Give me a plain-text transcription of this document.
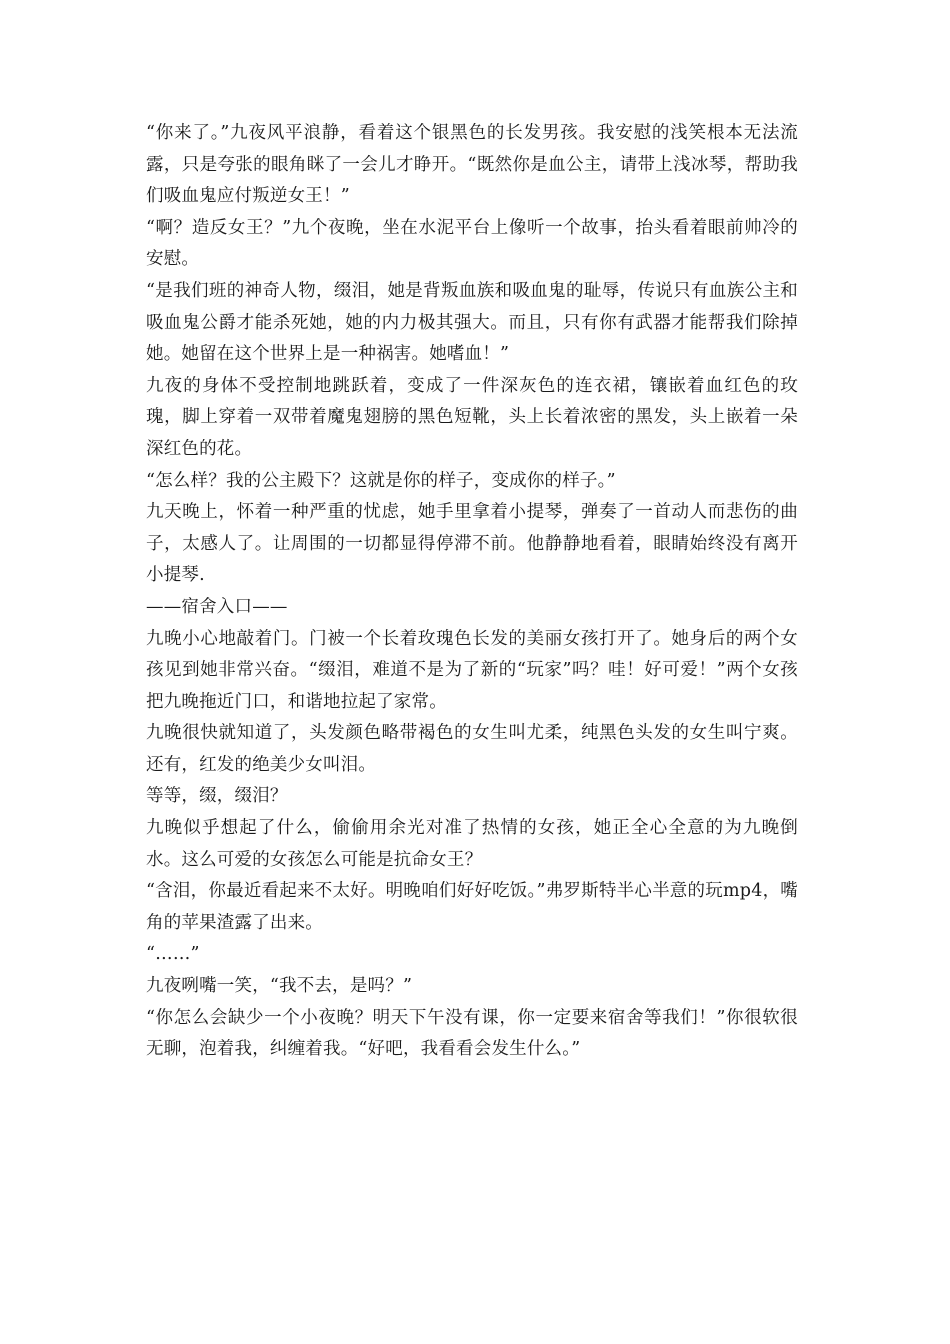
“你来了。”九夜风平浪静，看着这个银黑色的长发男孩。我安慰的浅笑根本无法流露，只是夸张的眼角眯了一会儿才睁开。“既然你是血公主，请带上浅冰琴，帮助我们吸血鬼应付叛逆女王！”

“啊？造反女王？”九个夜晚，坐在水泥平台上像听一个故事，抬头看着眼前帅冷的安慰。

“是我们班的神奇人物，缀泪，她是背叛血族和吸血鬼的耻辱，传说只有血族公主和吸血鬼公爵才能杀死她，她的内力极其强大。而且，只有你有武器才能帮我们除掉她。她留在这个世界上是一种祸害。她嗜血！”

九夜的身体不受控制地跳跃着，变成了一件深灰色的连衣裙，镶嵌着血红色的玫瑰，脚上穿着一双带着魔鬼翅膀的黑色短靴，头上长着浓密的黑发，头上嵌着一朵深红色的花。

“怎么样？我的公主殿下？这就是你的样子，变成你的样子。”

九天晚上，怀着一种严重的忧虑，她手里拿着小提琴，弹奏了一首动人而悲伤的曲子，太感人了。让周围的一切都显得停滞不前。他静静地看着，眼睛始终没有离开小提琴.

——宿舍入口——

九晚小心地敲着门。门被一个长着玫瑰色长发的美丽女孩打开了。她身后的两个女孩见到她非常兴奋。“缀泪，难道不是为了新的“玩家”吗？哇！好可爱！”两个女孩把九晚拖近门口，和谐地拉起了家常。

九晚很快就知道了，头发颜色略带褐色的女生叫尤柔，纯黑色头发的女生叫宁爽。还有，红发的绝美少女叫泪。

等等，缀，缀泪？

九晚似乎想起了什么，偷偷用余光对准了热情的女孩，她正全心全意的为九晚倒水。这么可爱的女孩怎么可能是抗命女王？

“含泪，你最近看起来不太好。明晚咱们好好吃饭。”弗罗斯特半心半意的玩mp4，嘴角的苹果渣露了出来。

“……”

九夜咧嘴一笑，“我不去，是吗？”

“你怎么会缺少一个小夜晚？明天下午没有课，你一定要来宿舍等我们！”你很软很无聊，泡着我，纠缠着我。“好吧，我看看会发生什么。”
